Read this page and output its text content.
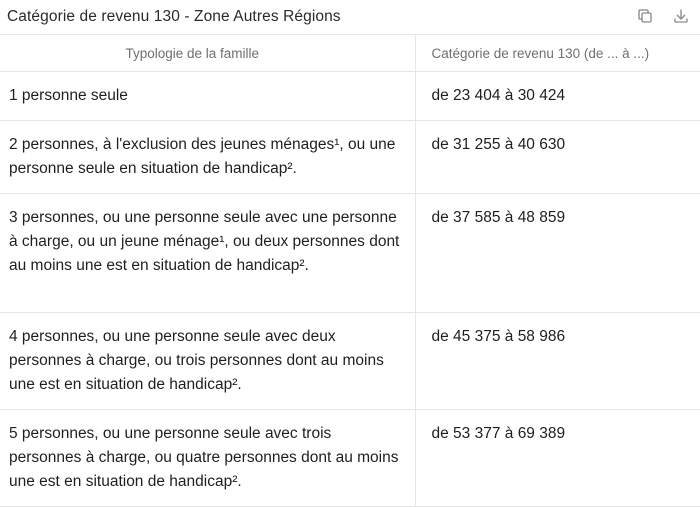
Catégorie de revenu 130 - Zone Autres Régions
Typologie de la famille	Catégorie de revenu 130 (de ... à ...)
1 personne seule	de 23 404 à 30 424
2 personnes, à l'exclusion des jeunes ménages¹, ou une personne seule en situation de handicap².	de 31 255 à 40 630
3 personnes, ou une personne seule avec une personne à charge, ou un jeune ménage¹, ou deux personnes dont au moins une est en situation de handicap².	de 37 585 à 48 859
4 personnes, ou une personne seule avec deux personnes à charge, ou trois personnes dont au moins une est en situation de handicap².	de 45 375 à 58 986
5 personnes, ou une personne seule avec trois personnes à charge, ou quatre personnes dont au moins une est en situation de handicap².	de 53 377 à 69 389
